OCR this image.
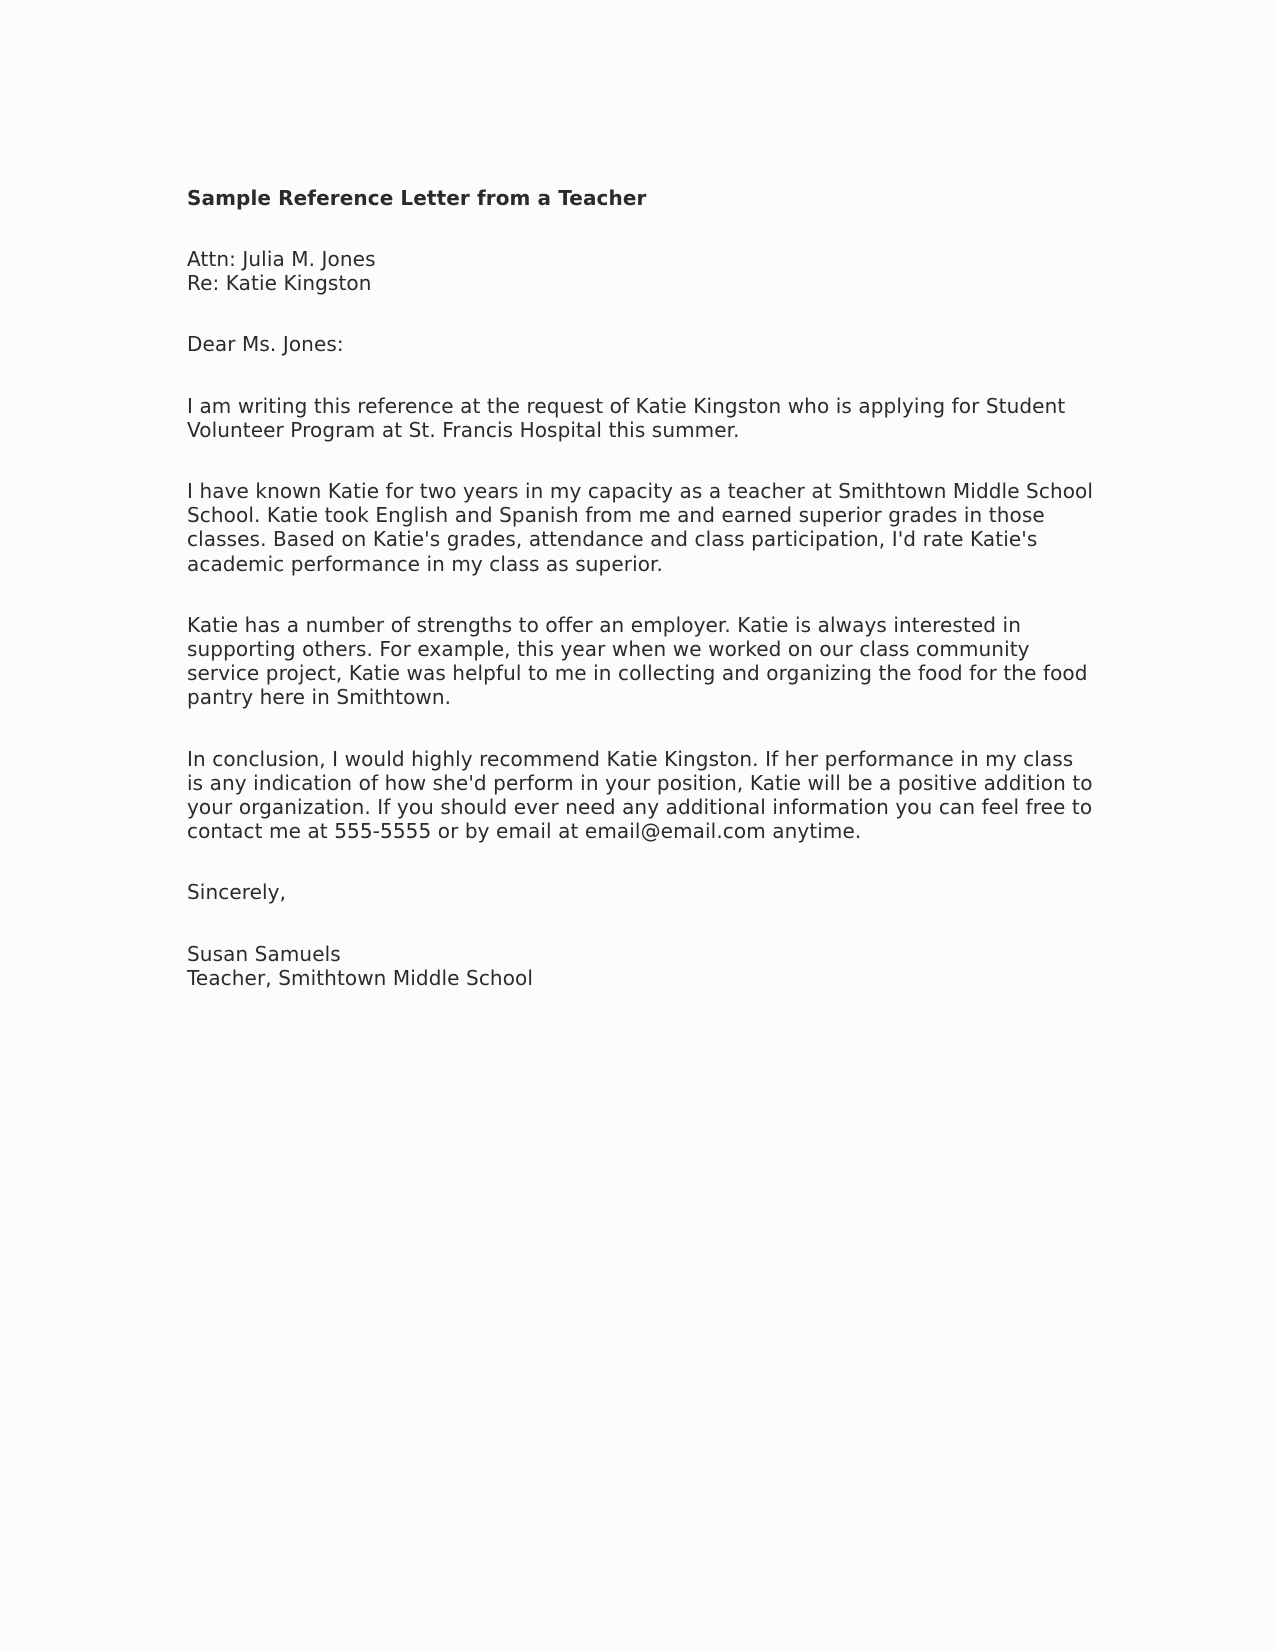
Sample Reference Letter from a Teacher
Attn: Julia M. Jones
Re: Katie Kingston
Dear Ms. Jones:
I am writing this reference at the request of Katie Kingston who is applying for Student
Volunteer Program at St. Francis Hospital this summer.
I have known Katie for two years in my capacity as a teacher at Smithtown Middle School
School. Katie took English and Spanish from me and earned superior grades in those
classes. Based on Katie's grades, attendance and class participation, I'd rate Katie's
academic performance in my class as superior.
Katie has a number of strengths to offer an employer. Katie is always interested in
supporting others. For example, this year when we worked on our class community
service project, Katie was helpful to me in collecting and organizing the food for the food
pantry here in Smithtown.
In conclusion, I would highly recommend Katie Kingston. If her performance in my class
is any indication of how she'd perform in your position, Katie will be a positive addition to
your organization. If you should ever need any additional information you can feel free to
contact me at 555-5555 or by email at email@email.com anytime.
Sincerely,
Susan Samuels
Teacher, Smithtown Middle School
